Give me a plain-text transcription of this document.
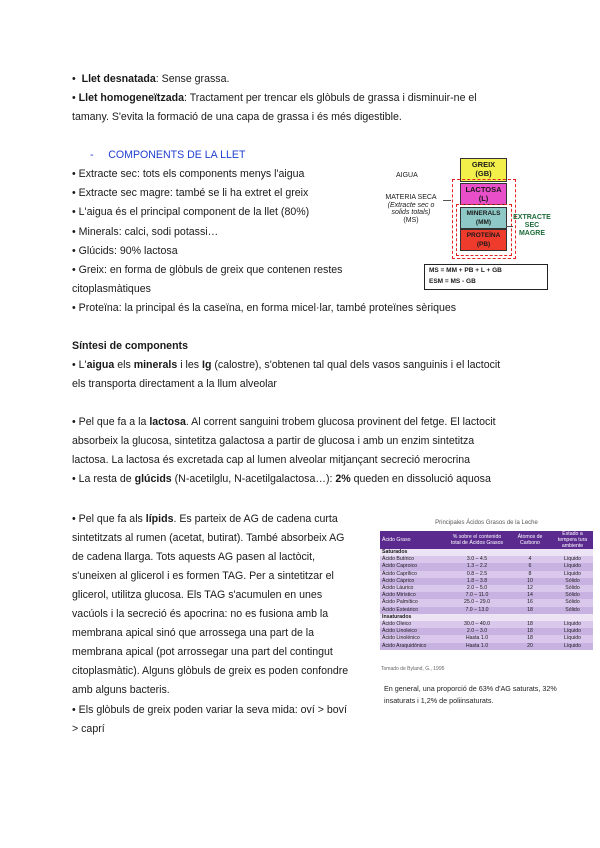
•  Llet desnatada: Sense grassa.
• Llet homogeneïtzada: Tractament per trencar els glòbuls de grassa i disminuir-ne el
tamany. S'evita la formació de una capa de grassa i és més digestible.
-     COMPONENTS DE LA LLET
• Extracte sec: tots els components menys l'aigua
• Extracte sec magre: també se li ha extret el greix
• L'aigua és el principal component de la llet (80%)
• Minerals: calci, sodi potassi…
• Glúcids: 90% lactosa
• Greix: en forma de glòbuls de greix que contenen restes
citoplasmàtiques
• Proteïna: la principal és la caseïna, en forma micel·lar, també proteïnes sèriques
AIGUA
MATERIA SECA
(Extracte sec o
solids totals)
(MS)
GREIX
(GB)
LACTOSA
(L)
MINERALS
(MM)
PROTEÏNA
(PB)
EXTRACTE
SEC
MAGRE
MS = MM + PB + L + GB
ESM = MS - GB
Síntesi de components
• L'aigua els minerals i les Ig (calostre), s'obtenen tal qual dels vasos sanguinis i el lactocit
els transporta directament a la llum alveolar
• Pel que fa a la lactosa. Al corrent sanguini trobem glucosa provinent del fetge. El lactocit
absorbeix la glucosa, sintetitza galactosa a partir de glucosa i amb un enzim sintetitza
lactosa. La lactosa és excretada cap al lumen alveolar mitjançant secreció merocrina
• La resta de glúcids (N-acetilglu, N-acetilgalactosa…): 2% queden en dissolució aquosa
• Pel que fa als lípids. Es parteix de AG de cadena curta
sintetitzats al rumen (acetat, butirat). També absorbeix AG
de cadena llarga. Tots aquests AG pasen al lactòcit,
s'uneixen al glicerol i es formen TAG. Per a sintetitzar el
glicerol, utilitza glucosa. Els TAG s'acumulen en unes
vacúols i la secreció és apocrina: no es fusiona amb la
membrana apical sinó que arrossega una part de la
membrana apical (pot arrossegar una part del contingut
citoplasmàtic). Alguns glòbuls de greix es poden confondre
amb alguns bacteris.
• Els glòbuls de greix poden variar la seva mida: oví > boví
> caprí
Principales Ácidos Grasos de la Leche
Ácido Graso	% sobre el contenido total de Ácidos Grasos	Átomos de Carbono	Estado a tempera tura ambiente
Saturados			
Ácido Butírico	3.0 – 4.5	4	Líquido
Ácido Caproico	1.3 – 2.2	6	Líquido
Ácido Caprílico	0.8 – 2.5	8	Líquido
Ácido Cáprico	1.8 – 3.8	10	Sólido
Ácido Láurico	2.0 – 5.0	12	Sólido
Ácido Mirístico	7.0 – 11.0	14	Sólido
Ácido Palmítico	25.0 – 29.0	16	Sólido
Ácido Esteárico	7.0 – 13.0	18	Sólido
Insaturados			
Ácido Oleico	30.0 – 40.0	18	Líquido
Ácido Linoleico	2.0 – 3.0	18	Líquido
Ácido Linolénico	Hasta 1.0	18	Líquido
Ácido Araquidónico	Hasta 1.0	20	Líquido
Tomado de Byland, G., 1995
En general, una proporció de 63% d'AG saturats, 32%
insaturats i 1,2% de poliinsaturats.
